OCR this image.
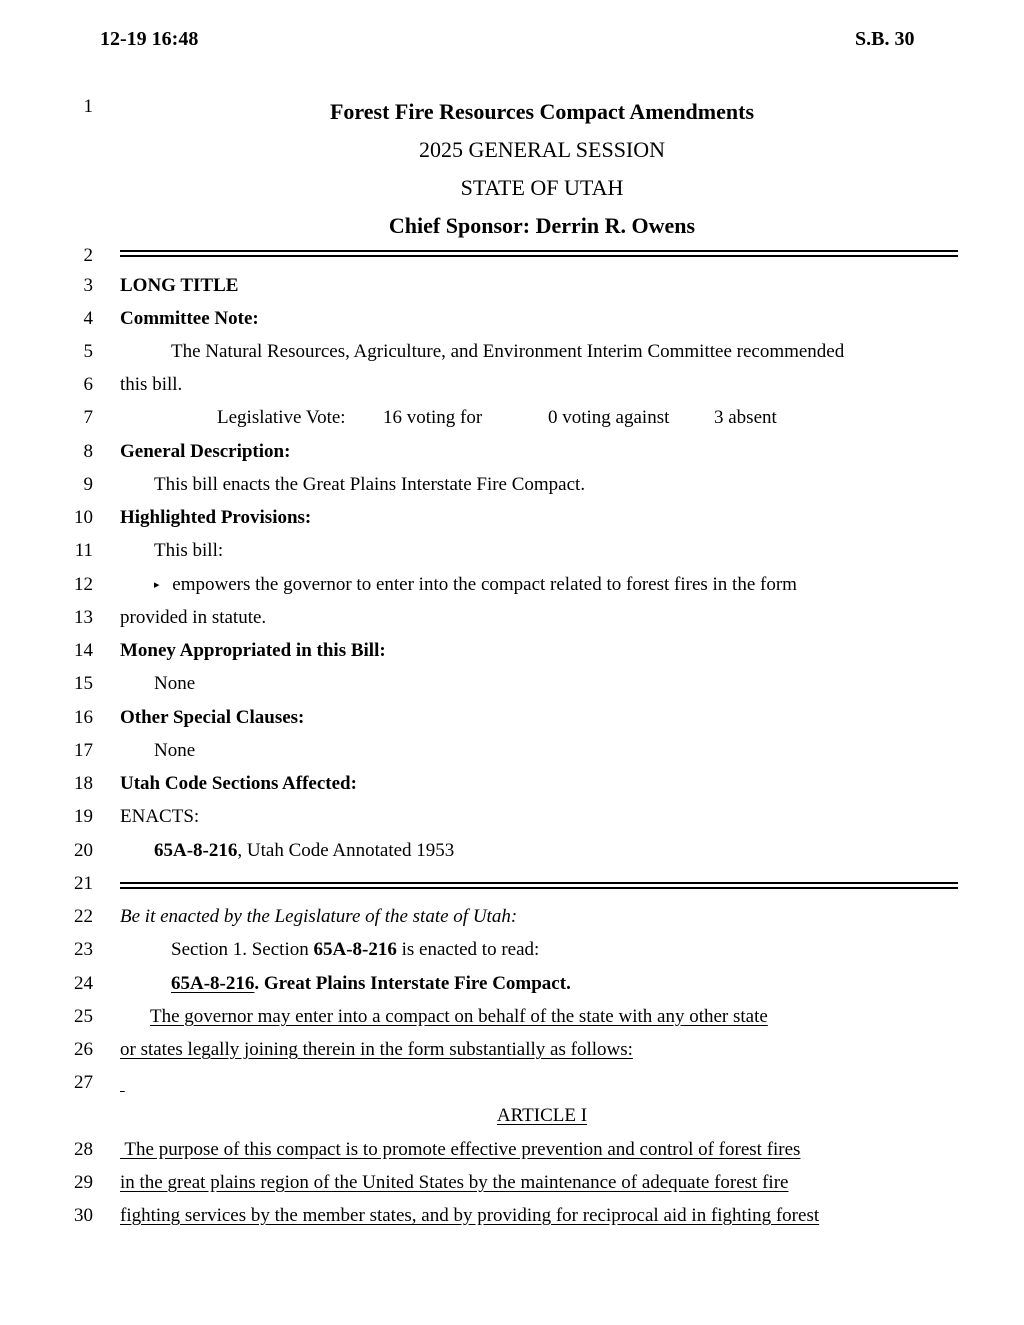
12-19 16:48	S.B. 30
1
2
3
4
5
6
7
8
9
10
11
12
13
14
15
16
17
18
19
20
21
22
23
24
25
26
27
28
29
30
Forest Fire Resources Compact Amendments
2025 GENERAL SESSION
STATE OF UTAH
Chief Sponsor: Derrin R. Owens
LONG TITLE
Committee Note:
The Natural Resources, Agriculture, and Environment Interim Committee recommended
this bill.
Legislative Vote: 16 voting for	0 voting against 3 absent
General Description:
This bill enacts the Great Plains Interstate Fire Compact.
Highlighted Provisions:
This bill:
▸ empowers the governor to enter into the compact related to forest fires in the form
provided in statute.
Money Appropriated in this Bill:
None
Other Special Clauses:
None
Utah Code Sections Affected:
ENACTS:
65A-8-216, Utah Code Annotated 1953
Be it enacted by the Legislature of the state of Utah:
Section 1. Section 65A-8-216 is enacted to read:
65A-8-216. Great Plains Interstate Fire Compact.
The governor may enter into a compact on behalf of the state with any other state
or states legally joining therein in the form substantially as follows:

ARTICLE I
The purpose of this compact is to promote effective prevention and control of forest fires
in the great plains region of the United States by the maintenance of adequate forest fire
fighting services by the member states, and by providing for reciprocal aid in fighting forest
